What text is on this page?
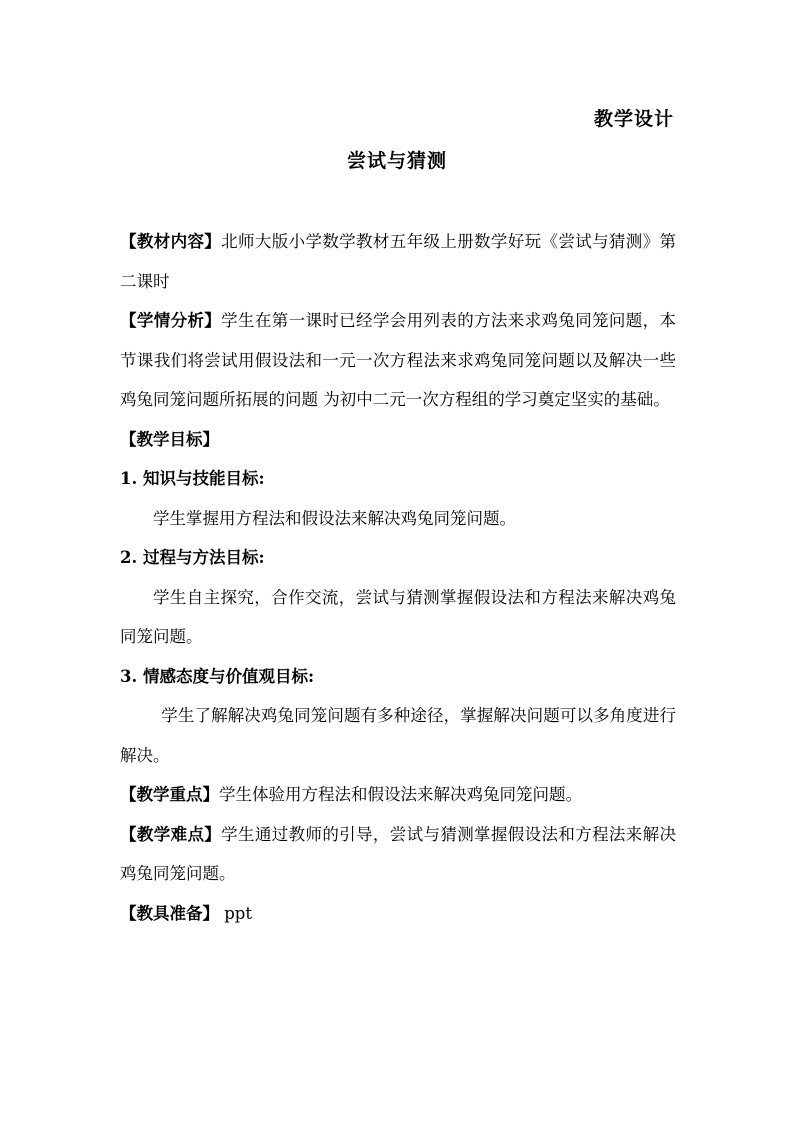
教学设计
尝试与猜测

【教材内容】北师大版小学数学教材五年级上册数学好玩《尝试与猜测》第二课时

【学情分析】学生在第一课时已经学会用列表的方法来求鸡兔同笼问题，本节课我们将尝试用假设法和一元一次方程法来求鸡兔同笼问题以及解决一些鸡兔同笼问题所拓展的问题 为初中二元一次方程组的学习奠定坚实的基础。

【教学目标】

1. 知识与技能目标:

学生掌握用方程法和假设法来解决鸡兔同笼问题。

2. 过程与方法目标:

学生自主探究，合作交流，尝试与猜测掌握假设法和方程法来解决鸡兔同笼问题。

3. 情感态度与价值观目标:

学生了解解决鸡兔同笼问题有多种途径，掌握解决问题可以多角度进行解决。

【教学重点】学生体验用方程法和假设法来解决鸡兔同笼问题。

【教学难点】学生通过教师的引导，尝试与猜测掌握假设法和方程法来解决鸡兔同笼问题。

【教具准备】 ppt
